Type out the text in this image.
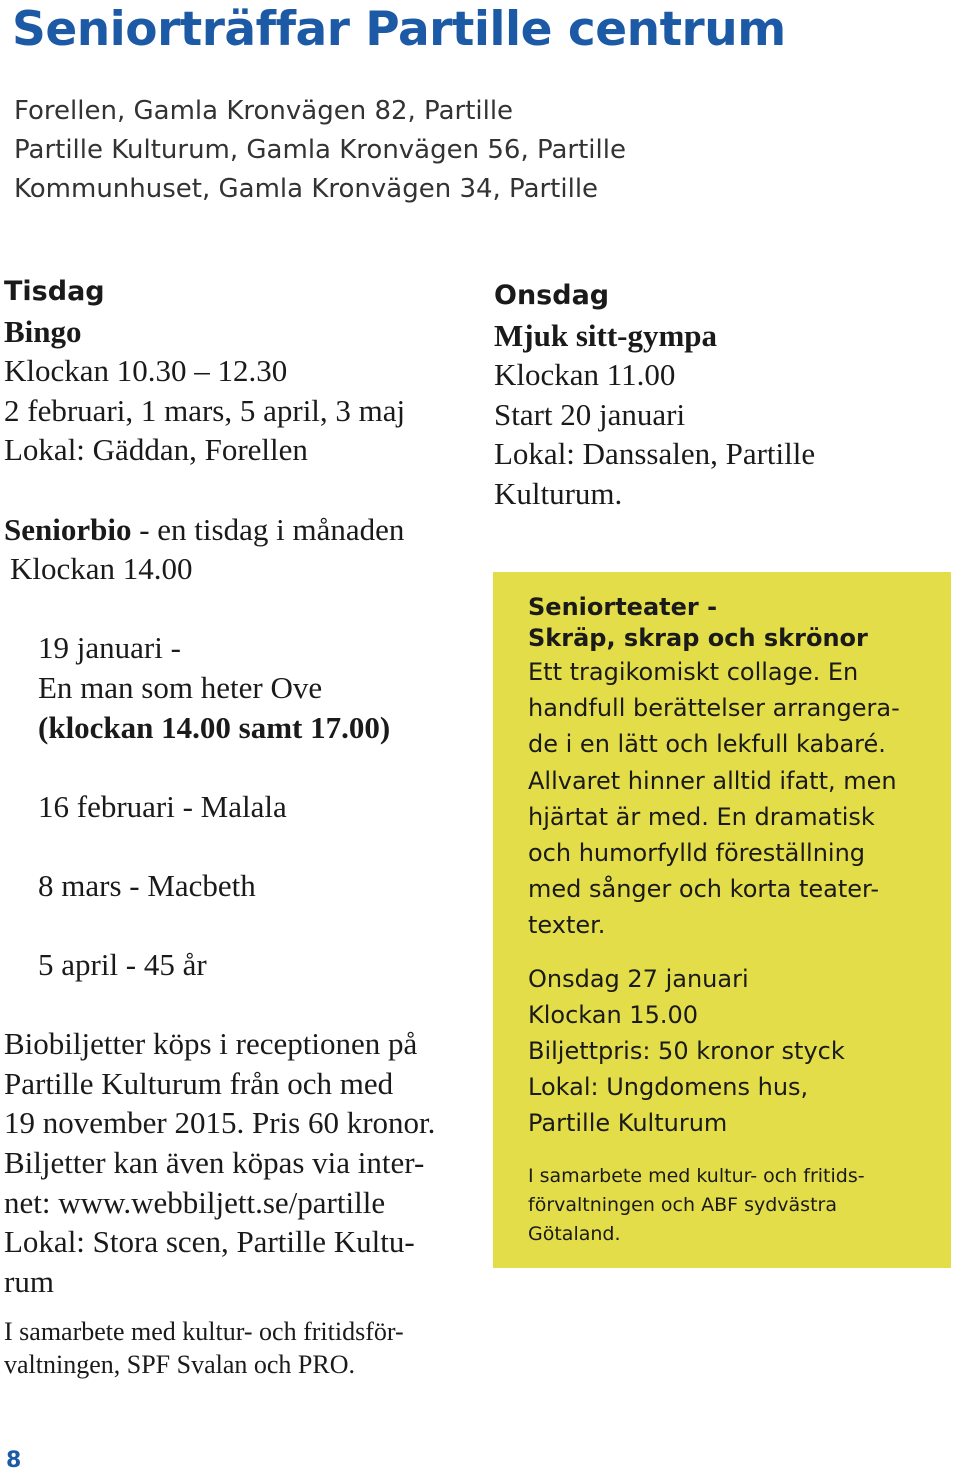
Seniorträffar Partille centrum
Forellen, Gamla Kronvägen 82, Partille
Partille Kulturum, Gamla Kronvägen 56, Partille
Kommunhuset, Gamla Kronvägen 34, Partille
Tisdag
Bingo
Klockan 10.30 – 12.30
2 februari, 1 mars, 5 april, 3 maj
Lokal: Gäddan, Forellen
Seniorbio - en tisdag i månaden
Klockan 14.00
19 januari -
En man som heter Ove
(klockan 14.00 samt 17.00)
16 februari - Malala
8 mars - Macbeth
5 april - 45 år
Biobiljetter köps i receptionen på
Partille Kulturum från och med
19 november 2015. Pris 60 kronor.
Biljetter kan även köpas via inter-
net: www.webbiljett.se/partille
Lokal: Stora scen, Partille Kultu-
rum
I samarbete med kultur- och fritidsför-
valtningen, SPF Svalan och PRO.
Onsdag
Mjuk sitt-gympa
Klockan 11.00
Start 20 januari
Lokal: Danssalen, Partille
Kulturum.
Seniorteater -
Skräp, skrap och skrönor
Ett tragikomiskt collage. En
handfull berättelser arrangera-
de i en lätt och lekfull kabaré.
Allvaret hinner alltid ifatt, men
hjärtat är med. En dramatisk
och humorfylld föreställning
med sånger och korta teater-
texter.
Onsdag 27 januari
Klockan 15.00
Biljettpris: 50 kronor styck
Lokal: Ungdomens hus,
Partille Kulturum
I samarbete med kultur- och fritids-
förvaltningen och ABF sydvästra
Götaland.
8
